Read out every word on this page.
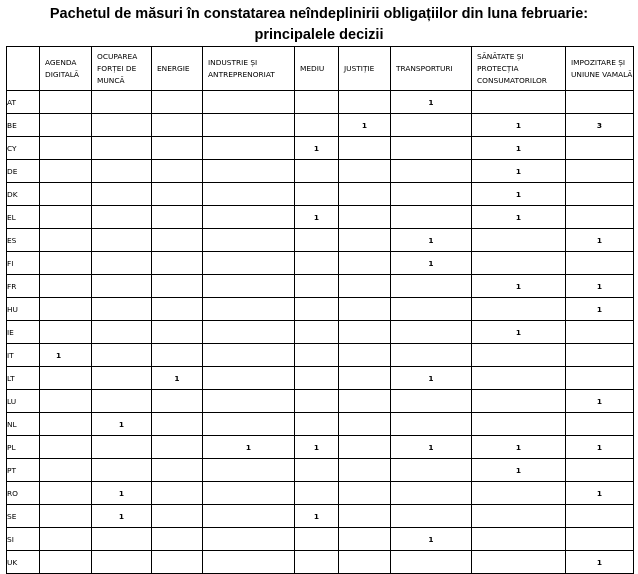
Pachetul de măsuri în constatarea neîndeplinirii obligațiilor din luna februarie:
principalele decizii
	AGENDA DIGITALĂ	OCUPAREA FORȚEI DE MUNCĂ	ENERGIE	INDUSTRIE ȘI ANTREPRENORIAT	MEDIU	JUSTIȚIE	TRANSPORTURI	SĂNĂTATE ȘI PROTECȚIA CONSUMATORILOR	IMPOZITARE ȘI UNIUNE VAMALĂ
AT							1		
BE						1		1	3
CY					1			1	
DE								1	
DK								1	
EL					1			1	
ES							1		1
FI							1		
FR								1	1
HU									1
IE								1	
IT	1								
LT			1				1		
LU									1
NL		1							
PL				1	1		1	1	1
PT								1	
RO		1							1
SE		1			1				
SI							1		
UK									1
